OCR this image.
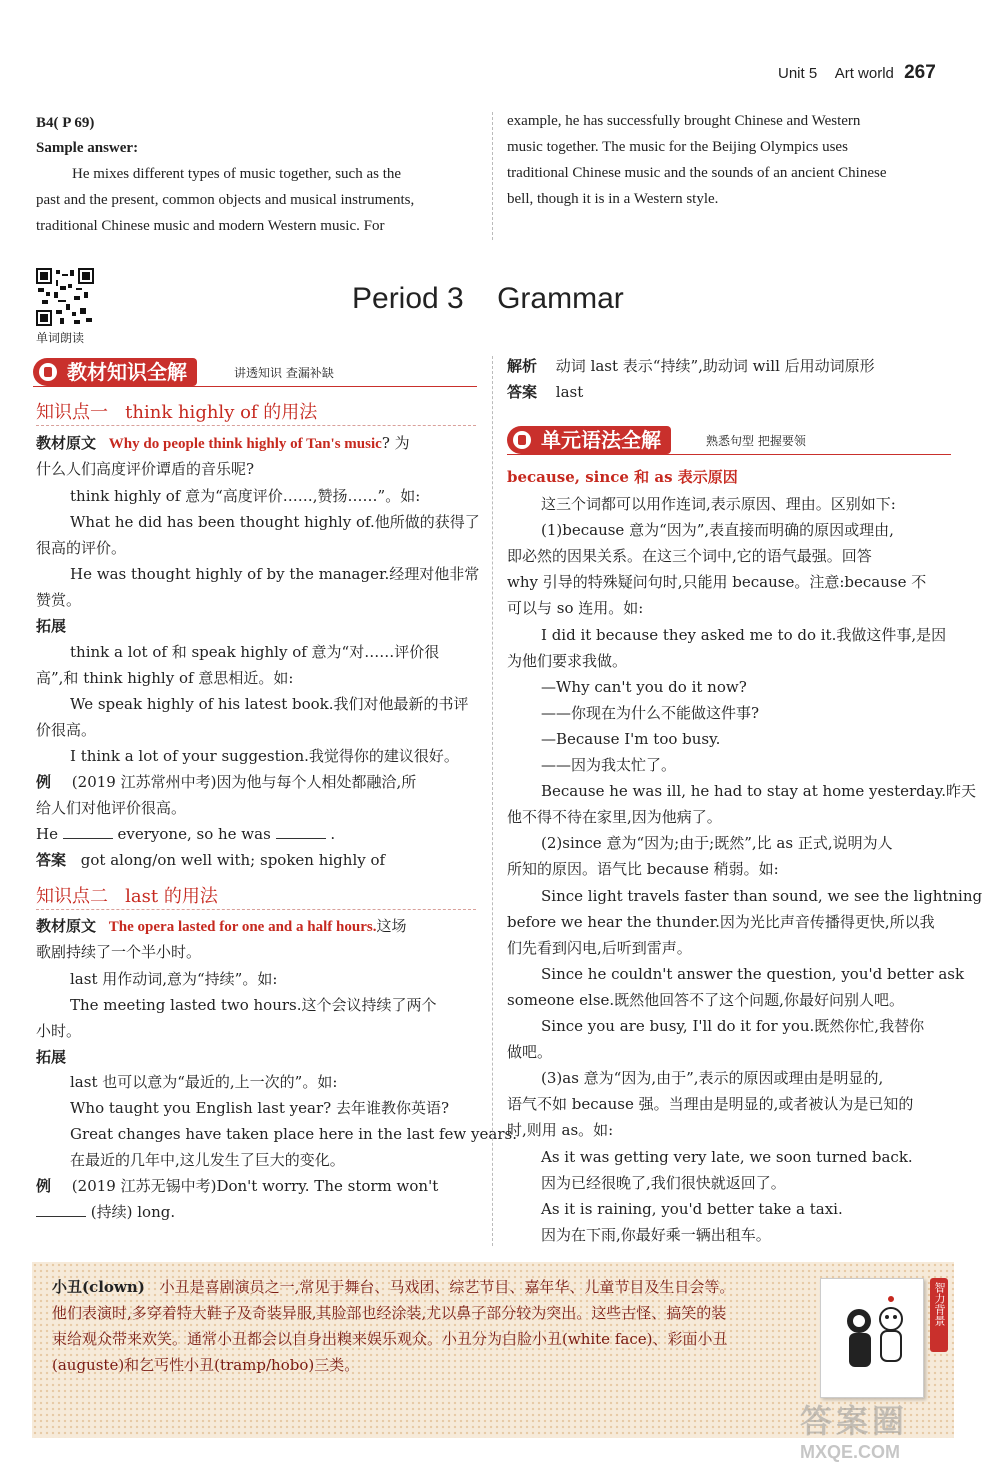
Unit 5 Art world 267
B4( P 69)
Sample answer:
He mixes different types of music together, such as the
past and the present, common objects and musical instruments,
traditional Chinese music and modern Western music. For
example, he has successfully brought Chinese and Western
music together. The music for the Beijing Olympics uses
traditional Chinese music and the sounds of an ancient Chinese
bell, though it is in a Western style.
单词朗读
Period 3    Grammar
教材知识全解	讲透知识 查漏补缺
知识点一   think highly of 的用法
教材原文 Why do people think highly of Tan's music? 为
什么人们高度评价谭盾的音乐呢?
think highly of 意为“高度评价……,赞扬……”。如:
What he did has been thought highly of.他所做的获得了
很高的评价。
He was thought highly of by the manager.经理对他非常
赞赏。
拓展
think a lot of 和 speak highly of 意为“对……评价很
高”,和 think highly of 意思相近。如:
We speak highly of his latest book.我们对他最新的书评
价很高。
I think a lot of your suggestion.我觉得你的建议很好。
例 (2019 江苏常州中考)因为他与每个人相处都融洽,所
给人们对他评价很高。
He	everyone, so he was	.
答案 got along/on well with; spoken highly of
知识点二   last 的用法
教材原文 The opera lasted for one and a half hours.这场
歌剧持续了一个半小时。
last 用作动词,意为“持续”。如:
The meeting lasted two hours.这个会议持续了两个
小时。
拓展
last 也可以意为“最近的,上一次的”。如:
Who taught you English last year? 去年谁教你英语?
Great changes have taken place here in the last few years.
在最近的几年中,这儿发生了巨大的变化。
例 (2019 江苏无锡中考)Don't worry. The storm won't
(持续) long.
解析 动词 last 表示“持续”,助动词 will 后用动词原形
答案 last
单元语法全解	熟悉句型 把握要领
because, since 和 as 表示原因
这三个词都可以用作连词,表示原因、理由。区别如下:
(1)because 意为“因为”,表直接而明确的原因或理由,
即必然的因果关系。在这三个词中,它的语气最强。回答
why 引导的特殊疑问句时,只能用 because。注意:because 不
可以与 so 连用。如:
I did it because they asked me to do it.我做这件事,是因
为他们要求我做。
—Why can't you do it now?
——你现在为什么不能做这件事?
—Because I'm too busy.
——因为我太忙了。
Because he was ill, he had to stay at home yesterday.昨天
他不得不待在家里,因为他病了。
(2)since 意为“因为;由于;既然”,比 as 正式,说明为人
所知的原因。语气比 because 稍弱。如:
Since light travels faster than sound, we see the lightning
before we hear the thunder.因为光比声音传播得更快,所以我
们先看到闪电,后听到雷声。
Since he couldn't answer the question, you'd better ask
someone else.既然他回答不了这个问题,你最好问别人吧。
Since you are busy, I'll do it for you.既然你忙,我替你
做吧。
(3)as 意为“因为,由于”,表示的原因或理由是明显的,
语气不如 because 强。当理由是明显的,或者被认为是已知的
时,则用 as。如:
As it was getting very late, we soon turned back.
因为已经很晚了,我们很快就返回了。
As it is raining, you'd better take a taxi.
因为在下雨,你最好乘一辆出租车。
小丑(clown) 小丑是喜剧演员之一,常见于舞台、马戏团、综艺节目、嘉年华、儿童节目及生日会等。
他们表演时,多穿着特大鞋子及奇装异服,其脸部也经涂装,尤以鼻子部分较为突出。这些古怪、搞笑的装
束给观众带来欢笑。通常小丑都会以自身出糗来娱乐观众。小丑分为白脸小丑(white face)、彩面小丑
(auguste)和乞丐性小丑(tramp/hobo)三类。
智力背景
答案圈
MXQE.COM
